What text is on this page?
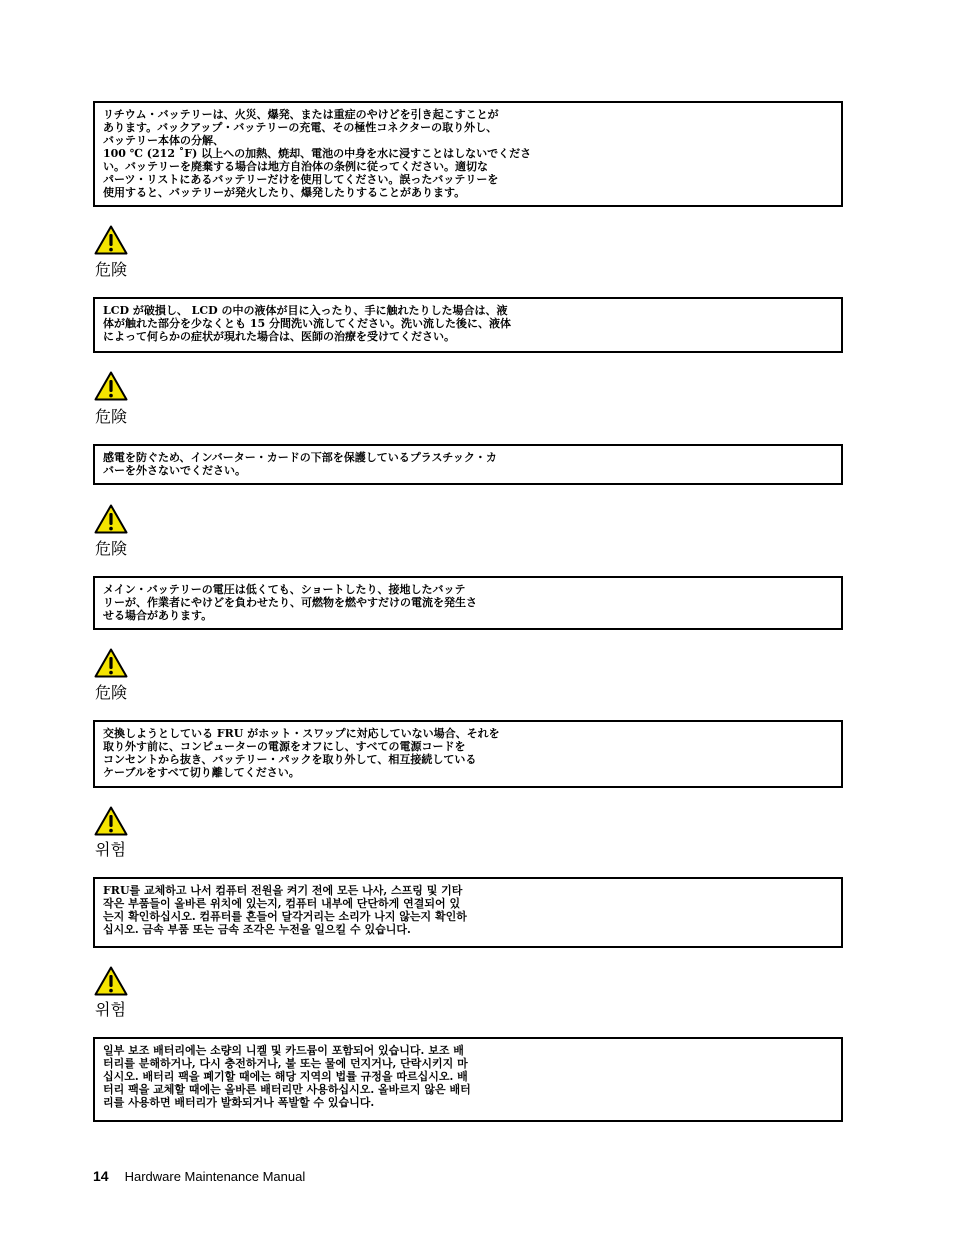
リチウム・バッテリーは、火災、爆発、または重症のやけどを引き起こすことが
あります。バックアップ・バッテリーの充電、その極性コネクターの取り外し、
バッテリー本体の分解、
100 ℃ (212 ˚F) 以上への加熱、焼却、電池の中身を水に浸すことはしないでくださ
い。バッテリーを廃棄する場合は地方自治体の条例に従ってください。適切な
パーツ・リストにあるバッテリーだけを使用してください。誤ったバッテリーを
使用すると、バッテリーが発火したり、爆発したりすることがあります。
危険
LCD が破損し、 LCD の中の液体が目に入ったり、手に触れたりした場合は、液
体が触れた部分を少なくとも 15 分間洗い流してください。洗い流した後に、液体
によって何らかの症状が現れた場合は、医師の治療を受けてください。
危険
感電を防ぐため、インバーター・カードの下部を保護しているプラスチック・カ
バーを外さないでください。
危険
メイン・バッテリーの電圧は低くても、ショートしたり、接地したバッテ
リーが、作業者にやけどを負わせたり、可燃物を燃やすだけの電流を発生さ
せる場合があります。
危険
交換しようとしている FRU がホット・スワップに対応していない場合、それを
取り外す前に、コンピューターの電源をオフにし、すべての電源コードを
コンセントから抜き、バッテリー・パックを取り外して、相互接続している
ケーブルをすべて切り離してください。
위험
FRU를 교체하고 나서 컴퓨터 전원을 켜기 전에 모든 나사, 스프링 및 기타
작은 부품들이 올바른 위치에 있는지, 컴퓨터 내부에 단단하게 연결되어 있
는지 확인하십시오. 컴퓨터를 흔들어 달각거리는 소리가 나지 않는지 확인하
십시오. 금속 부품 또는 금속 조각은 누전을 일으킬 수 있습니다.
위험
일부 보조 배터리에는 소량의 니켈 및 카드뮴이 포함되어 있습니다. 보조 배
터리를 분해하거나, 다시 충전하거나, 불 또는 물에 던지거나, 단락시키지 마
십시오. 배터리 팩을 폐기할 때에는 해당 지역의 법률 규정을 따르십시오. 배
터리 팩을 교체할 때에는 올바른 배터리만 사용하십시오. 올바르지 않은 배터
리를 사용하면 배터리가 발화되거나 폭발할 수 있습니다.
14 Hardware Maintenance Manual
